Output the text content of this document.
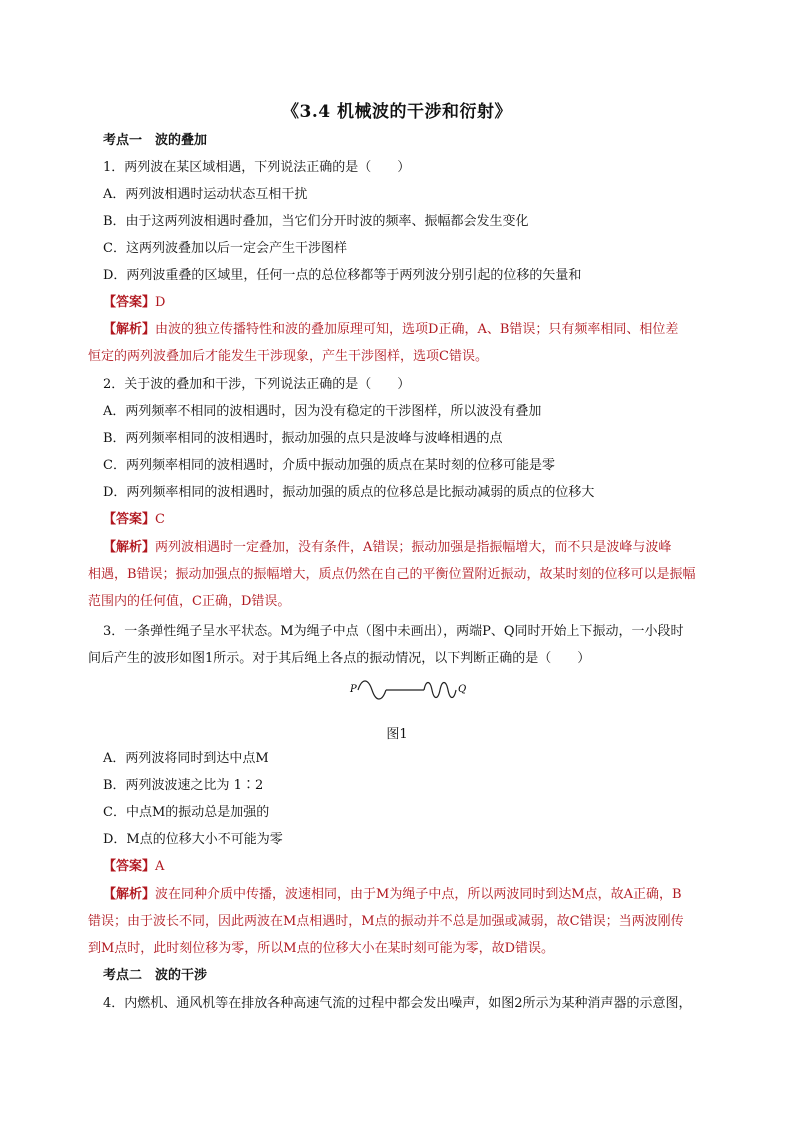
《3.4 机械波的干涉和衍射》
考点一　波的叠加
1．两列波在某区域相遇，下列说法正确的是（　　）
A．两列波相遇时运动状态互相干扰
B．由于这两列波相遇时叠加，当它们分开时波的频率、振幅都会发生变化
C．这两列波叠加以后一定会产生干涉图样
D．两列波重叠的区域里，任何一点的总位移都等于两列波分别引起的位移的矢量和
【答案】D
【解析】由波的独立传播特性和波的叠加原理可知，选项D正确，A、B错误；只有频率相同、相位差
恒定的两列波叠加后才能发生干涉现象，产生干涉图样，选项C错误。
2．关于波的叠加和干涉，下列说法正确的是（　　）
A．两列频率不相同的波相遇时，因为没有稳定的干涉图样，所以波没有叠加
B．两列频率相同的波相遇时，振动加强的点只是波峰与波峰相遇的点
C．两列频率相同的波相遇时，介质中振动加强的质点在某时刻的位移可能是零
D．两列频率相同的波相遇时，振动加强的质点的位移总是比振动减弱的质点的位移大
【答案】C
【解析】两列波相遇时一定叠加，没有条件，A错误；振动加强是指振幅增大，而不只是波峰与波峰
相遇，B错误；振动加强点的振幅增大，质点仍然在自己的平衡位置附近振动，故某时刻的位移可以是振幅
范围内的任何值，C正确，D错误。
3．一条弹性绳子呈水平状态。M为绳子中点（图中未画出），两端P、Q同时开始上下振动，一小段时
间后产生的波形如图1所示。对于其后绳上各点的振动情况，以下判断正确的是（　　）
P	Q
图1
A．两列波将同时到达中点M
B．两列波波速之比为 1∶2
C．中点M的振动总是加强的
D．M点的位移大小不可能为零
【答案】A
【解析】波在同种介质中传播，波速相同，由于M为绳子中点，所以两波同时到达M点，故A正确，B
错误；由于波长不同，因此两波在M点相遇时，M点的振动并不总是加强或减弱，故C错误；当两波刚传
到M点时，此时刻位移为零，所以M点的位移大小在某时刻可能为零，故D错误。
考点二　波的干涉
4．内燃机、通风机等在排放各种高速气流的过程中都会发出噪声，如图2所示为某种消声器的示意图，
